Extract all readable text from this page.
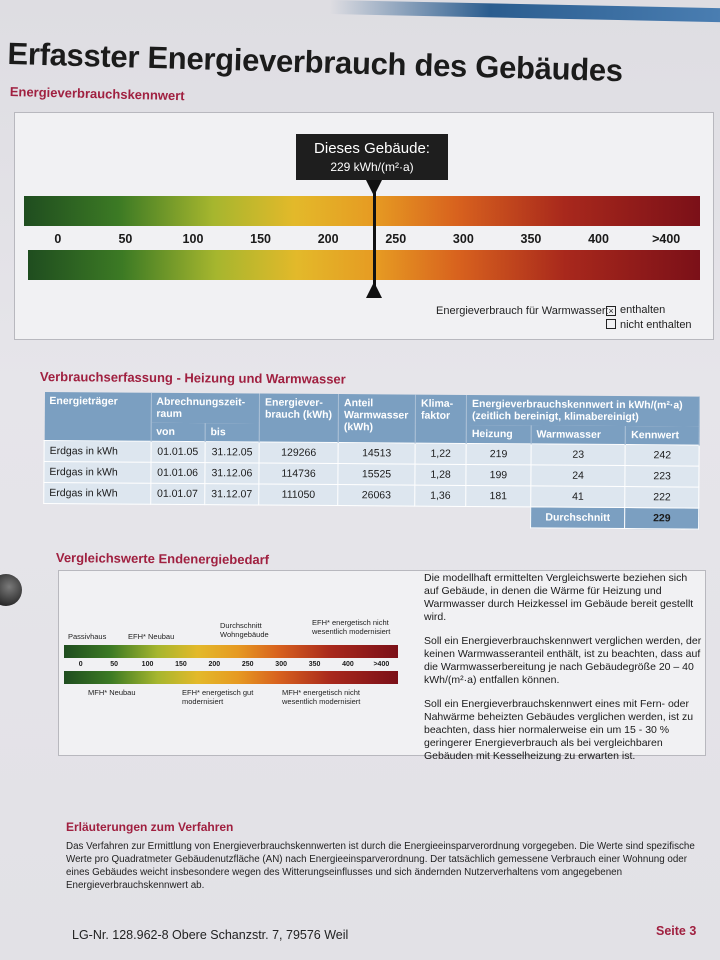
Erfasster Energieverbrauch des Gebäudes
Energieverbrauchskennwert
0	50	100	150	200	250	300	350	400	>400
Dieses Gebäude:
229 kWh/(m²·a)
Energieverbrauch für Warmwasser: × enthalten
nicht enthalten
Verbrauchserfassung - Heizung und Warmwasser
Energieträger	Abrechnungszeit-raum		Energiever-brauch (kWh)	Anteil Warmwasser (kWh)	Klima-faktor	Energieverbrauchskennwert in kWh/(m²·a) (zeitlich bereinigt, klimabereinigt)		
	von	bis				Heizung	Warmwasser	Kennwert
Erdgas in kWh	01.01.05	31.12.05	129266	14513	1,22	219	23	242
Erdgas in kWh	01.01.06	31.12.06	114736	15525	1,28	199	24	223
Erdgas in kWh	01.01.07	31.12.07	111050	26063	1,36	181	41	222
							Durchschnitt	229
Vergleichswerte Endenergiebedarf
Passivhaus	EFH* Neubau
Durchschnitt Wohngebäude
EFH* energetisch nicht wesentlich modernisiert
0	50	100	150	200	250	300	350	400	>400
MFH* Neubau	EFH* energetisch gut modernisiert
MFH* energetisch nicht wesentlich modernisiert

Die modellhaft ermittelten Vergleichswerte beziehen sich auf Gebäude, in denen die Wärme für Heizung und Warmwasser durch Heizkessel im Gebäude bereit gestellt wird.

Soll ein Energieverbrauchskennwert verglichen werden, der keinen Warmwasseranteil enthält, ist zu beachten, dass auf die Warmwasserbereitung je nach Gebäudegröße 20 – 40 kWh/(m²·a) entfallen können.

Soll ein Energieverbrauchskennwert eines mit Fern- oder Nahwärme beheizten Gebäudes verglichen werden, ist zu beachten, dass hier normalerweise ein um 15 - 30 % geringerer Energieverbrauch als bei vergleichbaren Gebäuden mit Kesselheizung zu erwarten ist.

Erläuterungen zum Verfahren
Das Verfahren zur Ermittlung von Energieverbrauchskennwerten ist durch die Energieeinsparverordnung vorgegeben. Die Werte sind spezifische Werte pro Quadratmeter Gebäudenutzfläche (AN) nach Energieeinsparverordnung. Der tatsächlich gemessene Verbrauch einer Wohnung oder eines Gebäudes weicht insbesondere wegen des Witterungseinflusses und sich ändernden Nutzerverhaltens vom angegebenen Energieverbrauchskennwert ab.
LG-Nr. 128.962-8 Obere Schanzstr. 7, 79576 Weil	Seite 3
